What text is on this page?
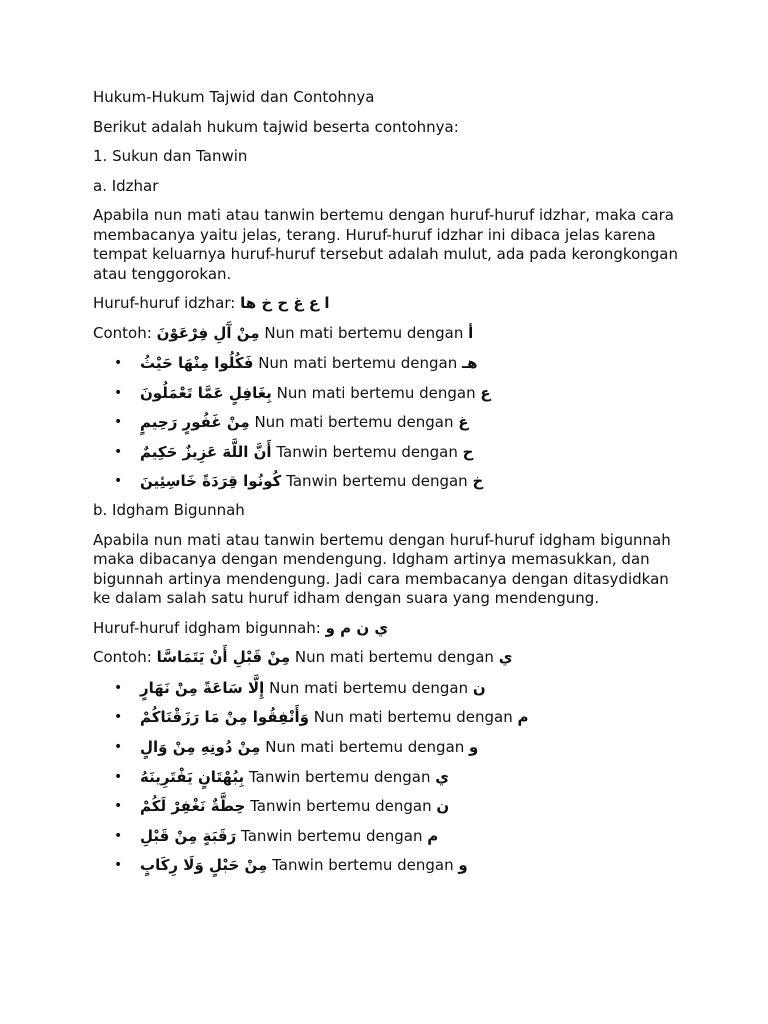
Hukum-Hukum Tajwid dan Contohnya

Berikut adalah hukum tajwid beserta contohnya:

1. Sukun dan Tanwin

a. Idzhar

Apabila nun mati atau tanwin bertemu dengan huruf-huruf idzhar, maka cara membacanya yaitu jelas, terang. Huruf-huruf idzhar ini dibaca jelas karena tempat keluarnya huruf-huruf tersebut adalah mulut, ada pada kerongkongan atau tenggorokan.

Huruf-huruf idzhar: ا ع غ ح خ ها

Contoh: مِنْ آَلِ فِرْعَوْنَ Nun mati bertemu dengan أ

• فَكُلُوا مِنْهَا حَيْثُ Nun mati bertemu dengan هـ
• بِغَافِلٍ عَمَّا تَعْمَلُونَ Nun mati bertemu dengan ع
• مِنْ غَفُورٍ رَحِيمٍ Nun mati bertemu dengan غ
• أَنَّ اللَّهَ عَزِيزٌ حَكِيمٌ Tanwin bertemu dengan ح
• كُونُوا قِرَدَةً خَاسِئِينَ Tanwin bertemu dengan خ

b. Idgham Bigunnah

Apabila nun mati atau tanwin bertemu dengan huruf-huruf idgham bigunnah maka dibacanya dengan mendengung. Idgham artinya memasukkan, dan bigunnah artinya mendengung. Jadi cara membacanya dengan ditasydidkan ke dalam salah satu huruf idham dengan suara yang mendengung.

Huruf-huruf idgham bigunnah: ي ن م و

Contoh: مِنْ قَبْلِ أَنْ يَتَمَاسَّا Nun mati bertemu dengan ي

• إِلَّا سَاعَةً مِنْ نَهَارٍ Nun mati bertemu dengan ن
• وَأَنْفِقُوا مِنْ مَا رَزَقْنَاكُمْ Nun mati bertemu dengan م
• مِنْ دُونِهِ مِنْ وَالٍ Nun mati bertemu dengan و
• بِبُهْتَانٍ يَفْتَرِينَهُ Tanwin bertemu dengan ي
• حِطَّةٌ نَغْفِرْ لَكُمْ Tanwin bertemu dengan ن
• رَقَبَةٍ مِنْ قَبْلِ Tanwin bertemu dengan م
• مِنْ حَبْلٍ وَلَا رِكَابٍ Tanwin bertemu dengan و
